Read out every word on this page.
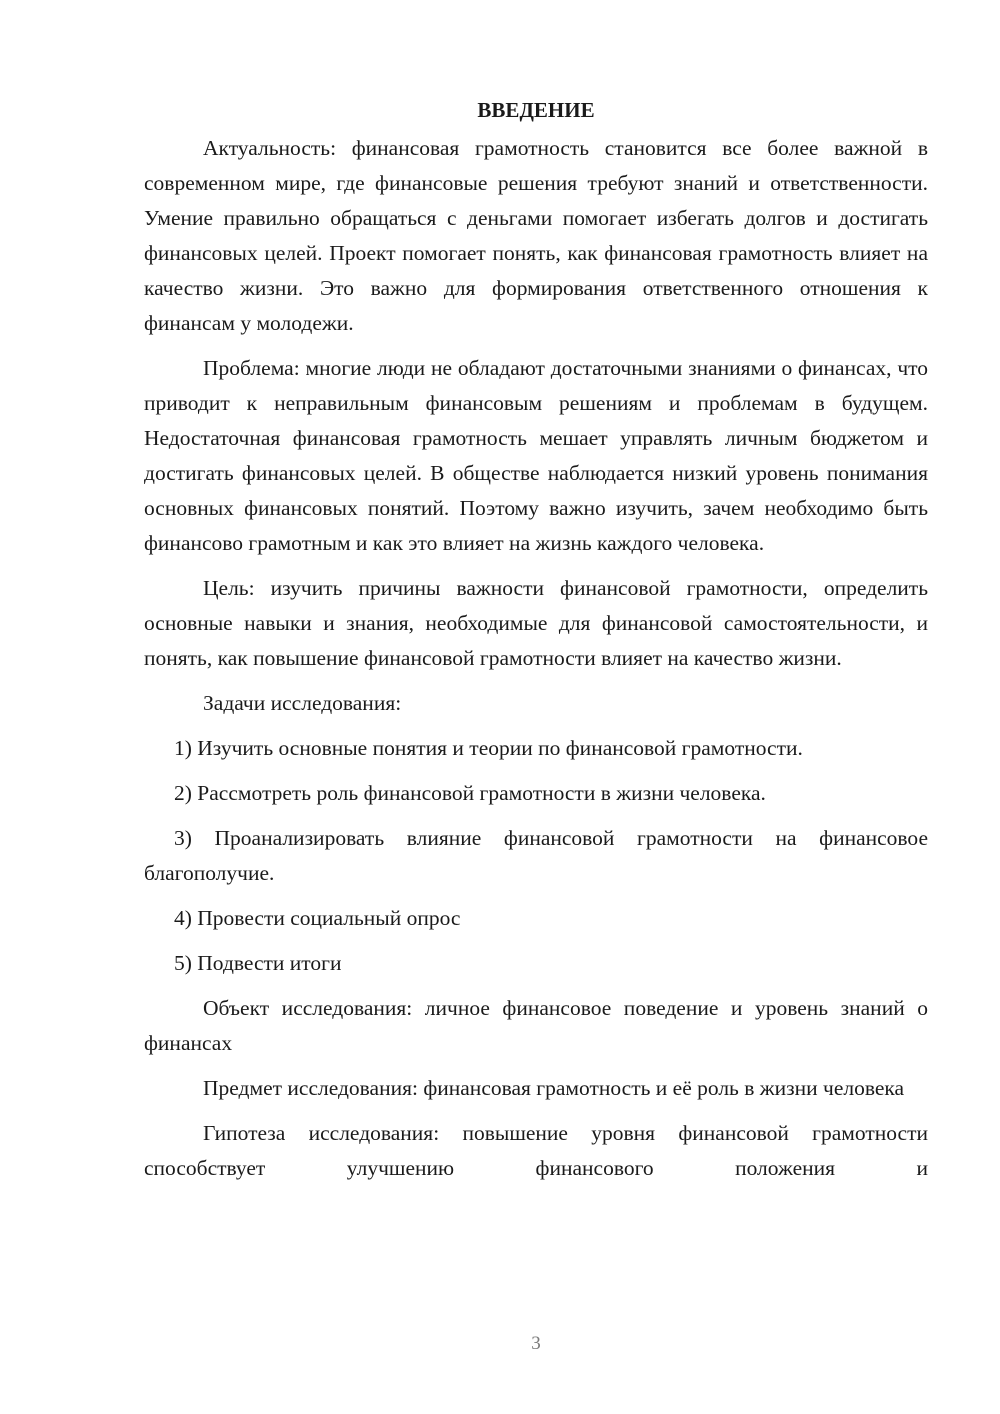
ВВЕДЕНИЕ

Актуальность: финансовая грамотность становится все более важной в современном мире, где финансовые решения требуют знаний и ответственности. Умение правильно обращаться с деньгами помогает избегать долгов и достигать финансовых целей. Проект помогает понять, как финансовая грамотность влияет на качество жизни. Это важно для формирования ответственного отношения к финансам у молодежи.

Проблема: многие люди не обладают достаточными знаниями о финансах, что приводит к неправильным финансовым решениям и проблемам в будущем. Недостаточная финансовая грамотность мешает управлять личным бюджетом и достигать финансовых целей. В обществе наблюдается низкий уровень понимания основных финансовых понятий. Поэтому важно изучить, зачем необходимо быть финансово грамотным и как это влияет на жизнь каждого человека.

Цель: изучить причины важности финансовой грамотности, определить основные навыки и знания, необходимые для финансовой самостоятельности, и понять, как повышение финансовой грамотности влияет на качество жизни.

Задачи исследования:

1) Изучить основные понятия и теории по финансовой грамотности.

2) Рассмотреть роль финансовой грамотности в жизни человека.

3) Проанализировать влияние финансовой грамотности на финансовое благополучие.

4) Провести социальный опрос

5) Подвести итоги

Объект исследования: личное финансовое поведение и уровень знаний о финансах

Предмет исследования: финансовая грамотность и её роль в жизни человека

Гипотеза исследования: повышение уровня финансовой грамотности способствует улучшению финансового положения и

3
